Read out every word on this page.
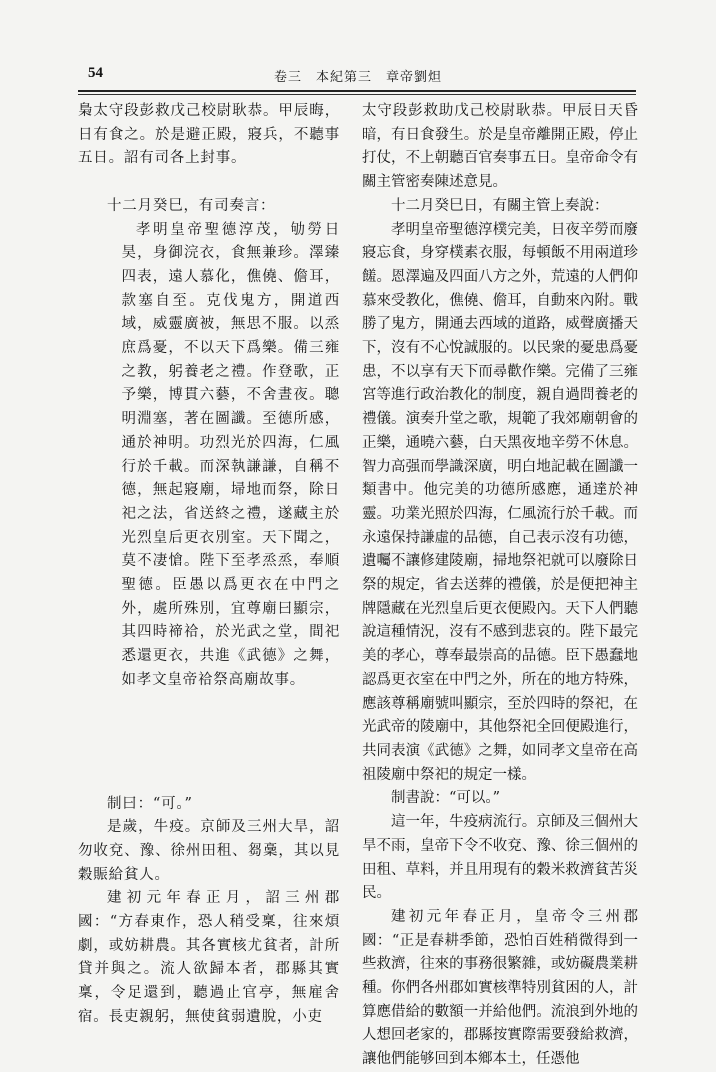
54	卷三　本紀第三　章帝劉炟

梟太守段彭救戊己校尉耿恭。甲辰晦，日有食之。於是避正殿，寢兵，不聽事五日。詔有司各上封事。

十二月癸巳，有司奏言：

孝明皇帝聖德淳茂，劬勞日昊，身御浣衣，食無兼珍。澤臻四表，遠人慕化，僬僥、儋耳，款塞自至。克伐鬼方，開道西域，威靈廣被，無思不服。以烝庶爲憂，不以天下爲樂。備三雍之教，躬養老之禮。作登歌，正予樂，博貫六藝，不舍晝夜。聰明淵塞，著在圖讖。至德所感，通於神明。功烈光於四海，仁風行於千載。而深執謙謙，自稱不德，無起寢廟，埽地而祭，除日祀之法，省送終之禮，遂藏主於光烈皇后更衣別室。天下聞之，莫不凄愴。陛下至孝烝烝，奉順聖德。臣愚以爲更衣在中門之外，處所殊別，宜尊廟曰顯宗，其四時禘祫，於光武之堂，間祀悉還更衣，共進《武德》之舞，如孝文皇帝祫祭高廟故事。

制曰：“可。”

是歲，牛疫。京師及三州大旱，詔勿收兗、豫、徐州田租、芻稾，其以見穀賑給貧人。

建初元年春正月，詔三州郡國：“方春東作，恐人稍受稟，往來煩劇，或妨耕農。其各實核尤貧者，計所貸并與之。流人欲歸本者，郡縣其實稟，令足還到，聽過止官亭，無雇舍宿。長吏親躬，無使貧弱遺脫，小吏

太守段彭救助戊己校尉耿恭。甲辰日天昏暗，有日食發生。於是皇帝離開正殿，停止打仗，不上朝聽百官奏事五日。皇帝命令有關主管密奏陳述意見。

十二月癸巳日，有關主管上奏說：

孝明皇帝聖德淳樸完美，日夜辛勞而廢寢忘食，身穿樸素衣服，每頓飯不用兩道珍饈。恩澤遍及四面八方之外，荒遠的人們仰慕來受教化，僬僥、儋耳，自動來內附。戰勝了鬼方，開通去西域的道路，威聲廣播天下，沒有不心悅誠服的。以民衆的憂患爲憂患，不以享有天下而尋歡作樂。完備了三雍宮等進行政治教化的制度，親自過問養老的禮儀。演奏升堂之歌，規範了我郊廟朝會的正樂，通曉六藝，白天黑夜地辛勞不休息。智力高强而學識深廣，明白地記載在圖讖一類書中。他完美的功德所感應，通達於神靈。功業光照於四海，仁風流行於千載。而永遠保持謙虛的品德，自己表示沒有功德，遺囑不讓修建陵廟，掃地祭祀就可以廢除日祭的規定，省去送葬的禮儀，於是便把神主牌隱藏在光烈皇后更衣便殿內。天下人們聽說這種情況，沒有不感到悲哀的。陛下最完美的孝心，尊奉最崇高的品德。臣下愚蠢地認爲更衣室在中門之外，所在的地方特殊，應該尊稱廟號叫顯宗，至於四時的祭祀，在光武帝的陵廟中，其他祭祀全回便殿進行，共同表演《武德》之舞，如同孝文皇帝在高祖陵廟中祭祀的規定一樣。

制書說：“可以。”

這一年，牛疫病流行。京師及三個州大旱不雨，皇帝下令不收兗、豫、徐三個州的田租、草料，并且用現有的穀米救濟貧苦災民。

建初元年春正月，皇帝令三州郡國：“正是春耕季節，恐怕百姓稍微得到一些救濟，往來的事務很繁雜，或妨礙農業耕種。你們各州郡如實核準特別貧困的人，計算應借給的數額一并給他們。流浪到外地的人想回老家的，郡縣按實際需要發給救濟，讓他們能够回到本鄉本土，任憑他
